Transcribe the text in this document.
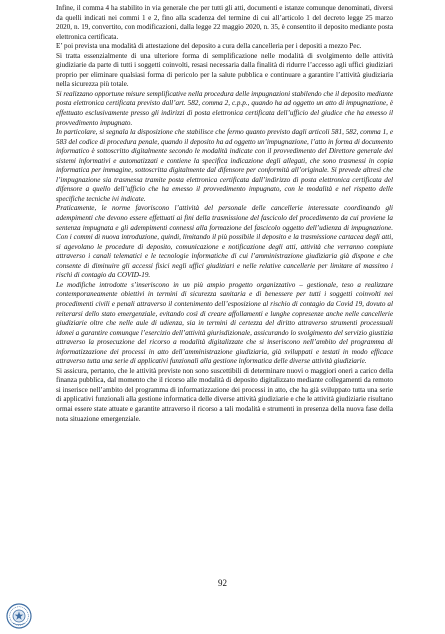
Infine, il comma 4 ha stabilito in via generale che per tutti gli atti, documenti e istanze comunque denominati, diversi da quelli indicati nei commi 1 e 2, fino alla scadenza del termine di cui all’articolo 1 del decreto legge 25 marzo 2020, n. 19, convertito, con modificazioni, dalla legge 22 maggio 2020, n. 35, è consentito il deposito mediante posta elettronica certificata.

E’ poi prevista una modalità di attestazione del deposito a cura della cancelleria per i depositi a mezzo Pec.

Si tratta essenzialmente di una ulteriore forma di semplificazione nelle modalità di svolgimento delle attività giudiziarie da parte di tutti i soggetti coinvolti, resasi necessaria dalla finalità di ridurre l’accesso agli uffici giudiziari proprio per eliminare qualsiasi forma di pericolo per la salute pubblica e continuare a garantire l’attività giudiziaria nella sicurezza più totale.

Si realizzano opportune misure semplificative nella procedura delle impugnazioni stabilendo che il deposito mediante posta elettronica certificata previsto dall’art. 582, comma 2, c.p.p., quando ha ad oggetto un atto di impugnazione, è effettuato esclusivamente presso gli indirizzi di posta elettronica certificata dell’ufficio del giudice che ha emesso il provvedimento impugnato.

In particolare, si segnala la disposizione che stabilisce che fermo quanto previsto dagli articoli 581, 582, comma 1, e 583 del codice di procedura penale, quando il deposito ha ad oggetto un’impugnazione, l’atto in forma di documento informatico è sottoscritto digitalmente secondo le modalità indicate con il provvedimento del Direttore generale dei sistemi informativi e automatizzati e contiene la specifica indicazione degli allegati, che sono trasmessi in copia informatica per immagine, sottoscritta digitalmente dal difensore per conformità all’originale. Si prevede altresì che l’impugnazione sia trasmessa tramite posta elettronica certificata dall’indirizzo di posta elettronica certificata del difensore a quello dell’ufficio che ha emesso il provvedimento impugnato, con le modalità e nel rispetto delle specifiche tecniche ivi indicate.

Praticamente, le norme favoriscono l’attività del personale delle cancellerie interessate coordinando gli adempimenti che devono essere effettuati ai fini della trasmissione del fascicolo del procedimento da cui proviene la sentenza impugnata e gli adempimenti connessi alla formazione del fascicolo oggetto dell’udienza di impugnazione. Con i commi di nuova introduzione, quindi, limitando il più possibile il deposito e la trasmissione cartacea degli atti, si agevolano le procedure di deposito, comunicazione e notificazione degli atti, attività che verranno compiute attraverso i canali telematici e le tecnologie informatiche di cui l’amministrazione giudiziaria già dispone e che consente di diminuire gli accessi fisici negli uffici giudiziari e nelle relative cancellerie per limitare al massimo i rischi di contagio da COVID-19.

Le modifiche introdotte s’inseriscono in un più ampio progetto organizzativo – gestionale, teso a realizzare contemporaneamente obiettivi in termini di sicurezza sanitaria e di benessere per tutti i soggetti coinvolti nei procedimenti civili e penali attraverso il contenimento dell’esposizione al rischio di contagio da Covid 19, dovuto al reiterarsi dello stato emergenziale, evitando così di creare affollamenti e lunghe copresenze anche nelle cancellerie giudiziarie oltre che nelle aule di udienza, sia in termini di certezza del diritto attraverso strumenti processuali idonei a garantire comunque l’esercizio dell’attività giurisdizionale, assicurando lo svolgimento del servizio giustizia attraverso la prosecuzione del ricorso a modalità digitalizzate che si inseriscono nell’ambito del programma di informatizzazione dei processi in atto dell’amministrazione giudiziaria, già sviluppati e testati in modo efficace attraverso tutta una serie di applicativi funzionali alla gestione informatica delle diverse attività giudiziarie.

Si assicura, pertanto, che le attività previste non sono suscettibili di determinare nuovi o maggiori oneri a carico della finanza pubblica, dal momento che il ricorso alle modalità di deposito digitalizzato mediante collegamenti da remoto si inserisce nell’ambito del programma di informatizzazione dei processi in atto, che ha già sviluppato tutta una serie di applicativi funzionali alla gestione informatica delle diverse attività giudiziarie e che le attività giudiziarie risultano ormai essere state attuate e garantite attraverso il ricorso a tali modalità e strumenti in presenza della nuova fase della nota situazione emergenziale.

92
